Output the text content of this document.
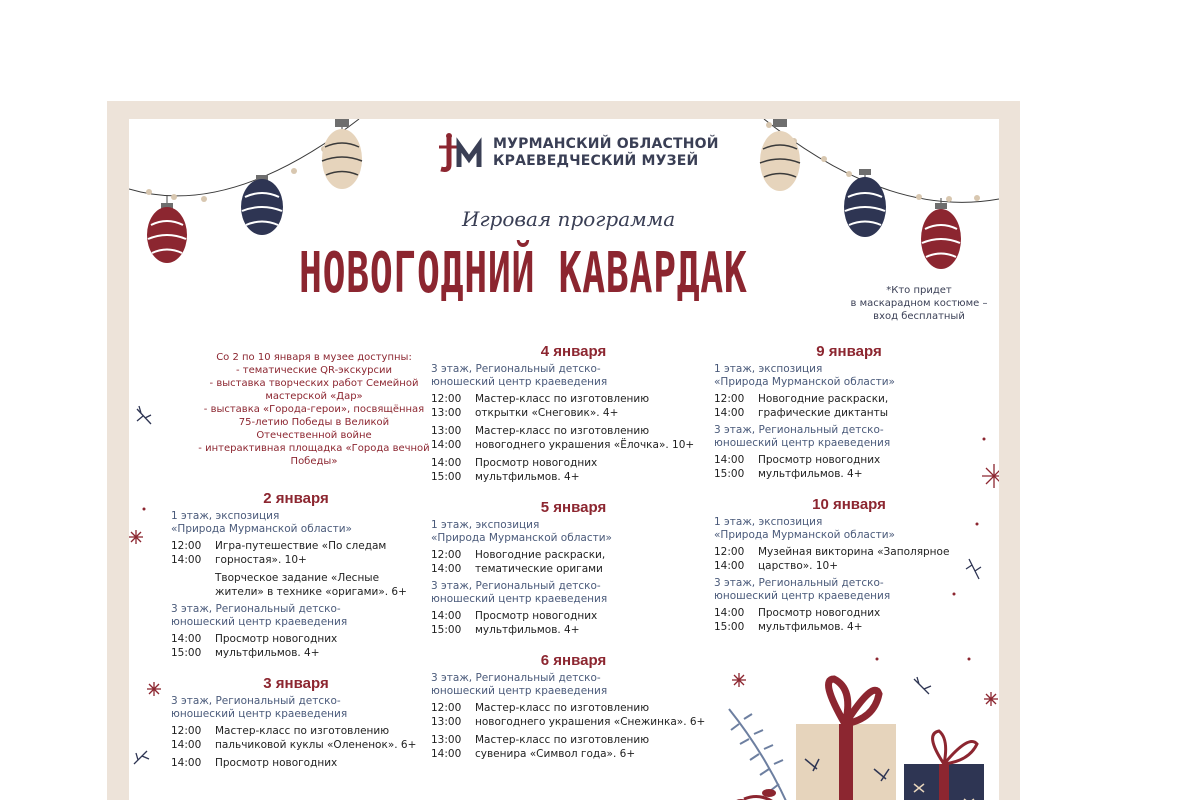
МУРМАНСКИЙ ОБЛАСТНОЙ
КРАЕВЕДЧЕСКИЙ МУЗЕЙ
Игровая программа
НОВОГОДНИЙ КАВАРДАК	*Кто придет
в маскарадном костюме –
вход бесплатный
Со 2 по 10 января в музее доступны:
- тематические QR-экскурсии
- выставка творческих работ Семейной
мастерской «Дар»
- выставка «Города-герои», посвящённая
75-летию Победы в Великой
Отечественной войне
- интерактивная площадка «Города вечной
Победы»
2 января
1 этаж, экспозиция
«Природа Мурманской области»
12:00
14:00
Игра-путешествие «По следам
горностая». 10+
Творческое задание «Лесные
жители» в технике «оригами». 6+
3 этаж, Региональный детско-
юношеский центр краеведения
14:00
15:00
Просмотр новогодних
мультфильмов. 4+
3 января
3 этаж, Региональный детско-
юношеский центр краеведения
12:00
14:00
Мастер-класс по изготовлению
пальчиковой куклы «Олененок». 6+
14:00	Просмотр новогодних
4 января
3 этаж, Региональный детско-
юношеский центр краеведения
12:00
13:00
Мастер-класс по изготовлению
открытки «Снеговик». 4+
13:00
14:00
Мастер-класс по изготовлению
новогоднего украшения «Ёлочка». 10+
14:00
15:00
Просмотр новогодних
мультфильмов. 4+
5 января
1 этаж, экспозиция
«Природа Мурманской области»
12:00
14:00
Новогодние раскраски,
тематические оригами
3 этаж, Региональный детско-
юношеский центр краеведения
14:00
15:00
Просмотр новогодних
мультфильмов. 4+
6 января
3 этаж, Региональный детско-
юношеский центр краеведения
12:00
13:00
Мастер-класс по изготовлению
новогоднего украшения «Снежинка». 6+
13:00
14:00
Мастер-класс по изготовлению
сувенира «Символ года». 6+
9 января
1 этаж, экспозиция
«Природа Мурманской области»
12:00
14:00
Новогодние раскраски,
графические диктанты
3 этаж, Региональный детско-
юношеский центр краеведения
14:00
15:00
Просмотр новогодних
мультфильмов. 4+
10 января
1 этаж, экспозиция
«Природа Мурманской области»
12:00
14:00
Музейная викторина «Заполярное
царство». 10+
3 этаж, Региональный детско-
юношеский центр краеведения
14:00
15:00
Просмотр новогодних
мультфильмов. 4+
